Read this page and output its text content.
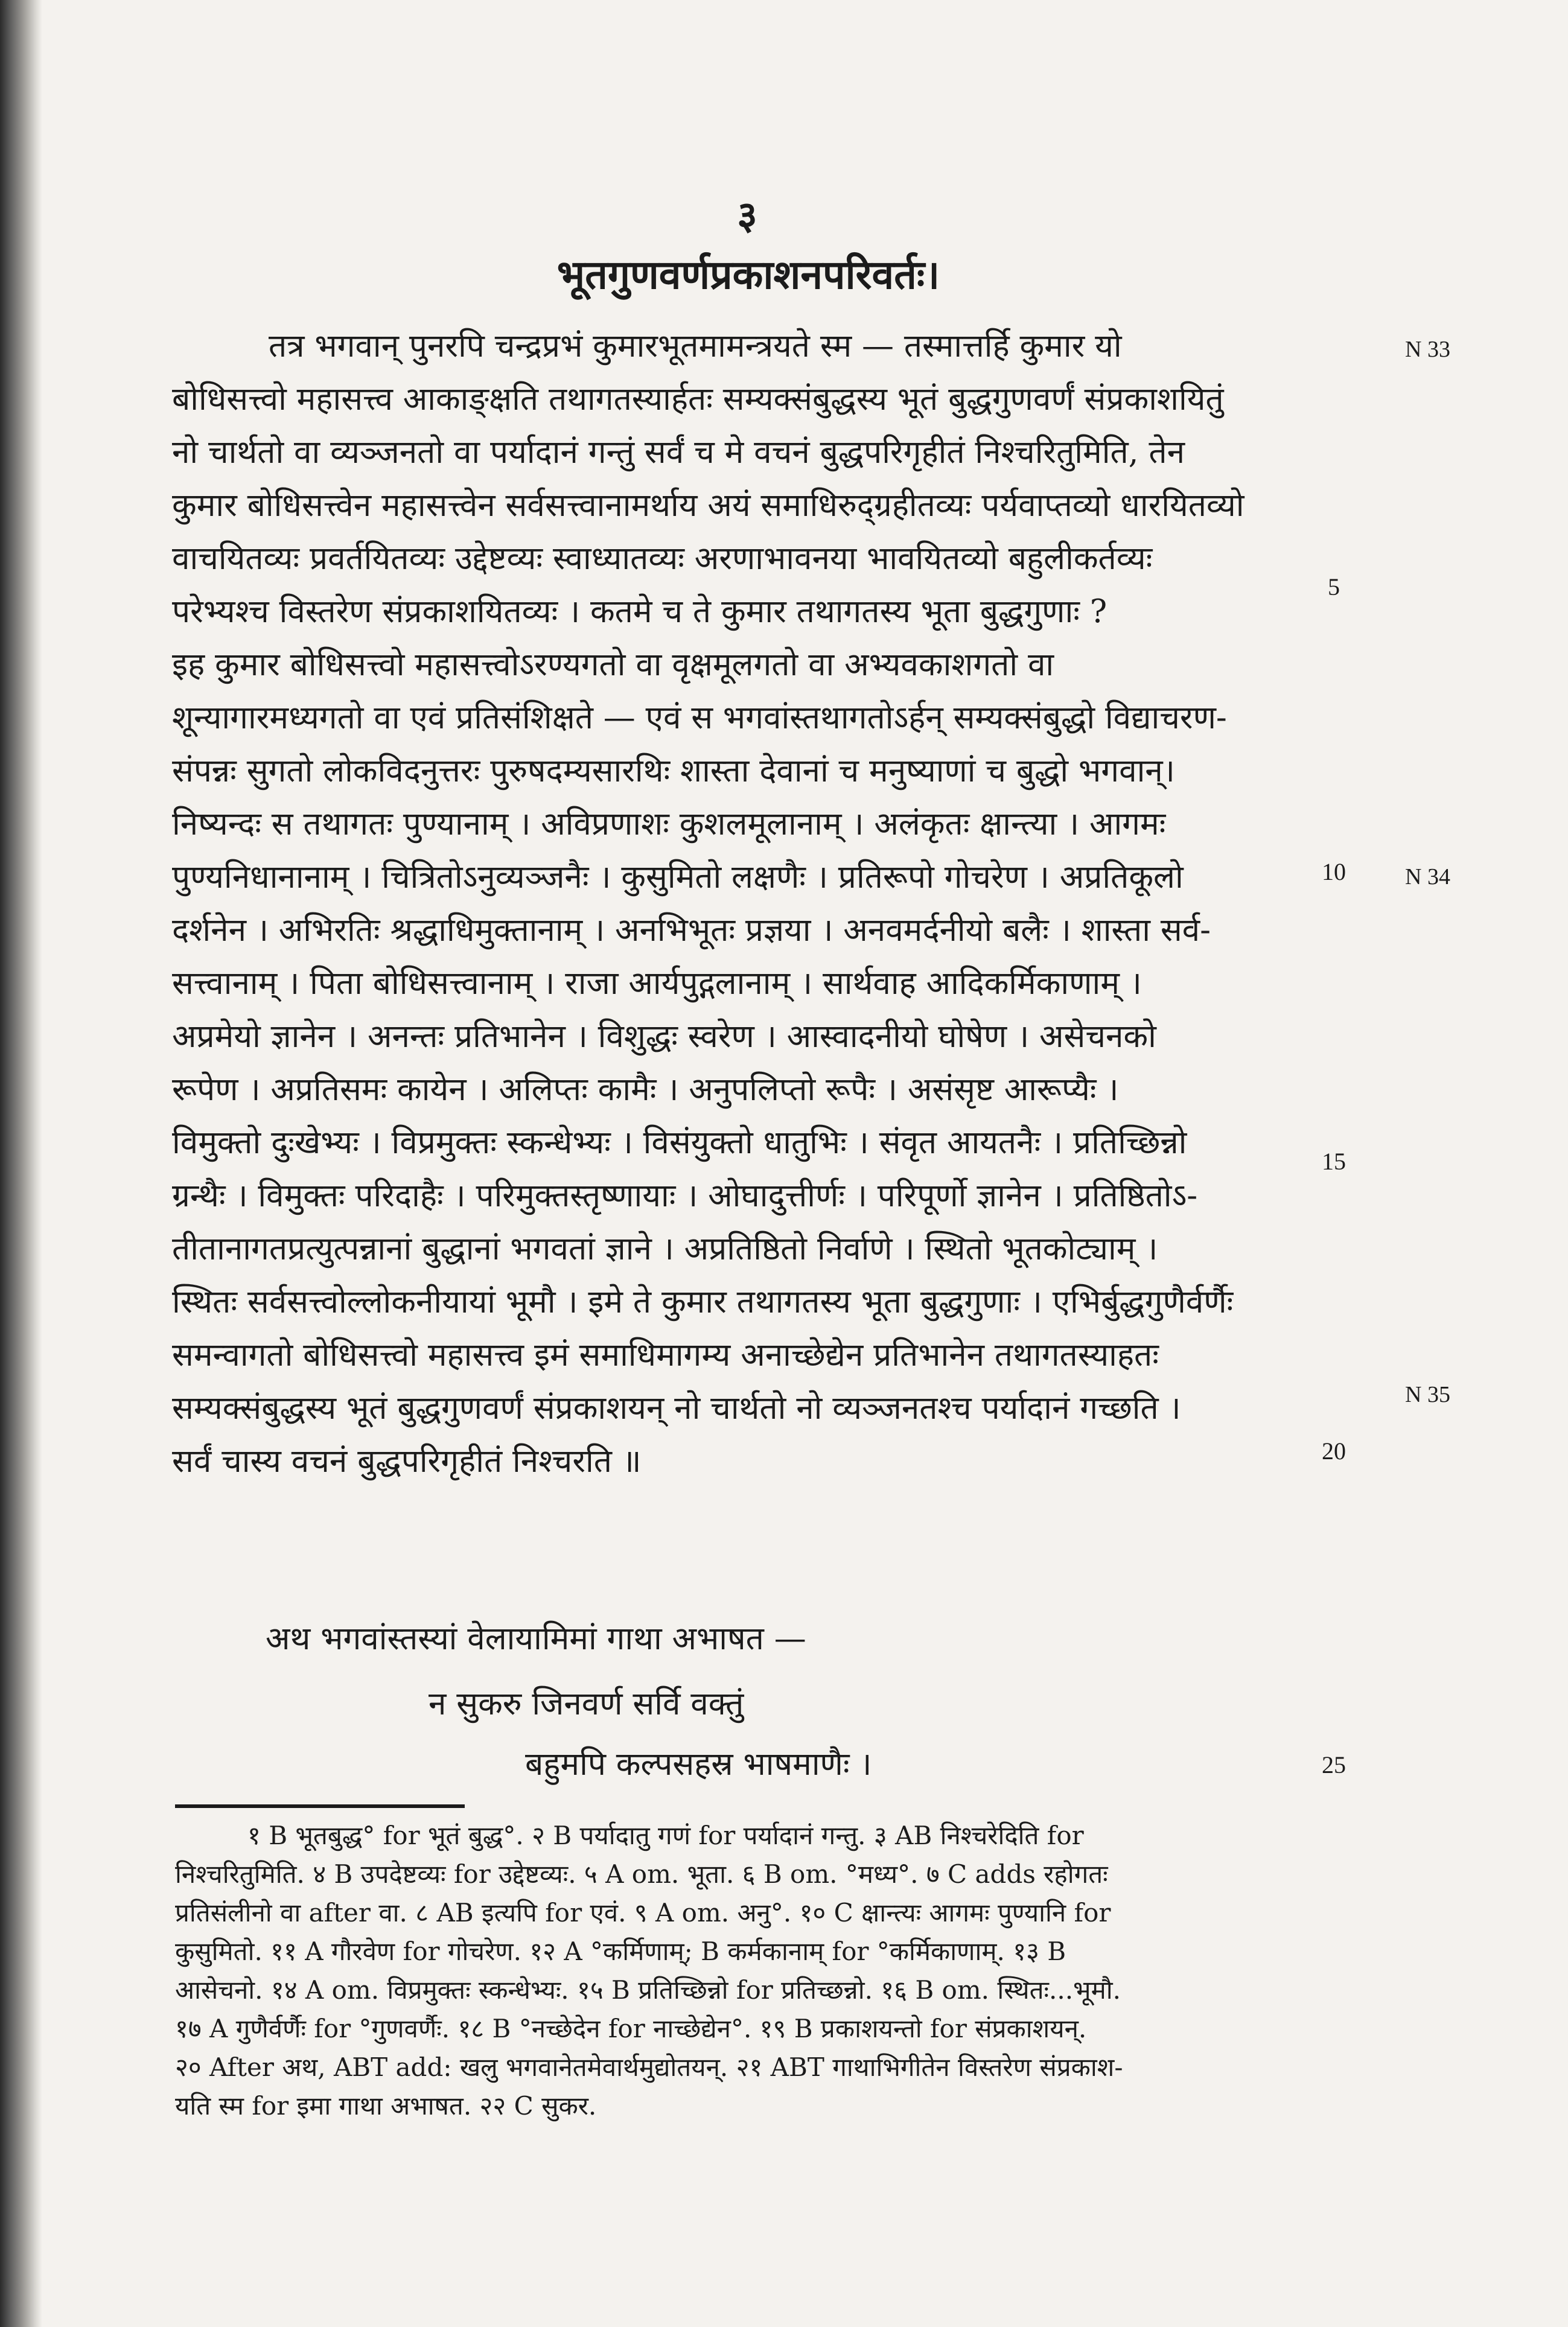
३
भूतगुणवर्णप्रकाशनपरिवर्तः।
तत्र भगवान् पुनरपि चन्द्रप्रभं कुमारभूतमामन्त्रयते स्म — तस्मात्तर्हि कुमार यो
बोधिसत्त्वो महासत्त्व आकाङ्क्षति तथागतस्यार्हतः सम्यक्संबुद्धस्य भूतं बुद्धगुणवर्णं संप्रकाशयितुं
नो चार्थतो वा व्यञ्जनतो वा पर्यादानं गन्तुं सर्वं च मे वचनं बुद्धपरिगृहीतं निश्चरितुमिति, तेन
कुमार बोधिसत्त्वेन महासत्त्वेन सर्वसत्त्वानामर्थाय अयं समाधिरुद्ग्रहीतव्यः पर्यवाप्तव्यो धारयितव्यो
वाचयितव्यः प्रवर्तयितव्यः उद्देष्टव्यः स्वाध्यातव्यः अरणाभावनया भावयितव्यो बहुलीकर्तव्यः
परेभ्यश्च विस्तरेण संप्रकाशयितव्यः । कतमे च ते कुमार तथागतस्य भूता बुद्धगुणाः ?
इह कुमार बोधिसत्त्वो महासत्त्वोऽरण्यगतो वा वृक्षमूलगतो वा अभ्यवकाशगतो वा
शून्यागारमध्यगतो वा एवं प्रतिसंशिक्षते — एवं स भगवांस्तथागतोऽर्हन् सम्यक्संबुद्धो विद्याचरण-
संपन्नः सुगतो लोकविदनुत्तरः पुरुषदम्यसारथिः शास्ता देवानां च मनुष्याणां च बुद्धो भगवान्।
निष्यन्दः स तथागतः पुण्यानाम् । अविप्रणाशः कुशलमूलानाम् । अलंकृतः क्षान्त्या । आगमः
पुण्यनिधानानाम् । चित्रितोऽनुव्यञ्जनैः । कुसुमितो लक्षणैः । प्रतिरूपो गोचरेण । अप्रतिकूलो
दर्शनेन । अभिरतिः श्रद्धाधिमुक्तानाम् । अनभिभूतः प्रज्ञया । अनवमर्दनीयो बलैः । शास्ता सर्व-
सत्त्वानाम् । पिता बोधिसत्त्वानाम् । राजा आर्यपुद्गलानाम् । सार्थवाह आदिकर्मिकाणाम् ।
अप्रमेयो ज्ञानेन । अनन्तः प्रतिभानेन । विशुद्धः स्वरेण । आस्वादनीयो घोषेण । असेचनको
रूपेण । अप्रतिसमः कायेन । अलिप्तः कामैः । अनुपलिप्तो रूपैः । असंसृष्ट आरूप्यैः ।
विमुक्तो दुःखेभ्यः । विप्रमुक्तः स्कन्धेभ्यः । विसंयुक्तो धातुभिः । संवृत आयतनैः । प्रतिच्छिन्नो
ग्रन्थैः । विमुक्तः परिदाहैः । परिमुक्तस्तृष्णायाः । ओघादुत्तीर्णः । परिपूर्णो ज्ञानेन । प्रतिष्ठितोऽ-
तीतानागतप्रत्युत्पन्नानां बुद्धानां भगवतां ज्ञाने । अप्रतिष्ठितो निर्वाणे । स्थितो भूतकोट्याम् ।
स्थितः सर्वसत्त्वोल्लोकनीयायां भूमौ । इमे ते कुमार तथागतस्य भूता बुद्धगुणाः । एभिर्बुद्धगुणैर्वर्णैः
समन्वागतो बोधिसत्त्वो महासत्त्व इमं समाधिमागम्य अनाच्छेद्येन प्रतिभानेन तथागतस्याहतः
सम्यक्संबुद्धस्य भूतं बुद्धगुणवर्णं संप्रकाशयन् नो चार्थतो नो व्यञ्जनतश्च पर्यादानं गच्छति ।
सर्वं चास्य वचनं बुद्धपरिगृहीतं निश्चरति ॥
अथ भगवांस्तस्यां वेलायामिमां गाथा अभाषत —
न सुकरु जिनवर्ण सर्वि वक्तुं
बहुमपि कल्पसहस्र भाषमाणैः ।
5
10
15
20
25
N 33
N 34
N 35
१ B भूतबुद्ध° for भूतं बुद्ध°. २ B पर्यादातु गणं for पर्यादानं गन्तु. ३ AB निश्चरेदिति for
निश्चरितुमिति. ४ B उपदेष्टव्यः for उद्देष्टव्यः. ५ A om. भूता. ६ B om. °मध्य°. ७ C adds रहोगतः
प्रतिसंलीनो वा after वा. ८ AB इत्यपि for एवं. ९ A om. अनु°. १० C क्षान्त्यः आगमः पुण्यानि for
कुसुमितो. ११ A गौरवेण for गोचरेण. १२ A °कर्मिणाम्; B कर्मकानाम् for °कर्मिकाणाम्. १३ B
आसेचनो. १४ A om. विप्रमुक्तः स्कन्धेभ्यः. १५ B प्रतिच्छिन्नो for प्रतिच्छन्नो. १६ B om. स्थितः...भूमौ.
१७ A गुणैर्वर्णैः for °गुणवर्णैः. १८ B °नच्छेदेन for नाच्छेद्येन°. १९ B प्रकाशयन्तो for संप्रकाशयन्.
२० After अथ, ABT add: खलु भगवानेतमेवार्थमुद्योतयन्. २१ ABT गाथाभिगीतेन विस्तरेण संप्रकाश-
यति स्म for इमा गाथा अभाषत. २२ C सुकर.
